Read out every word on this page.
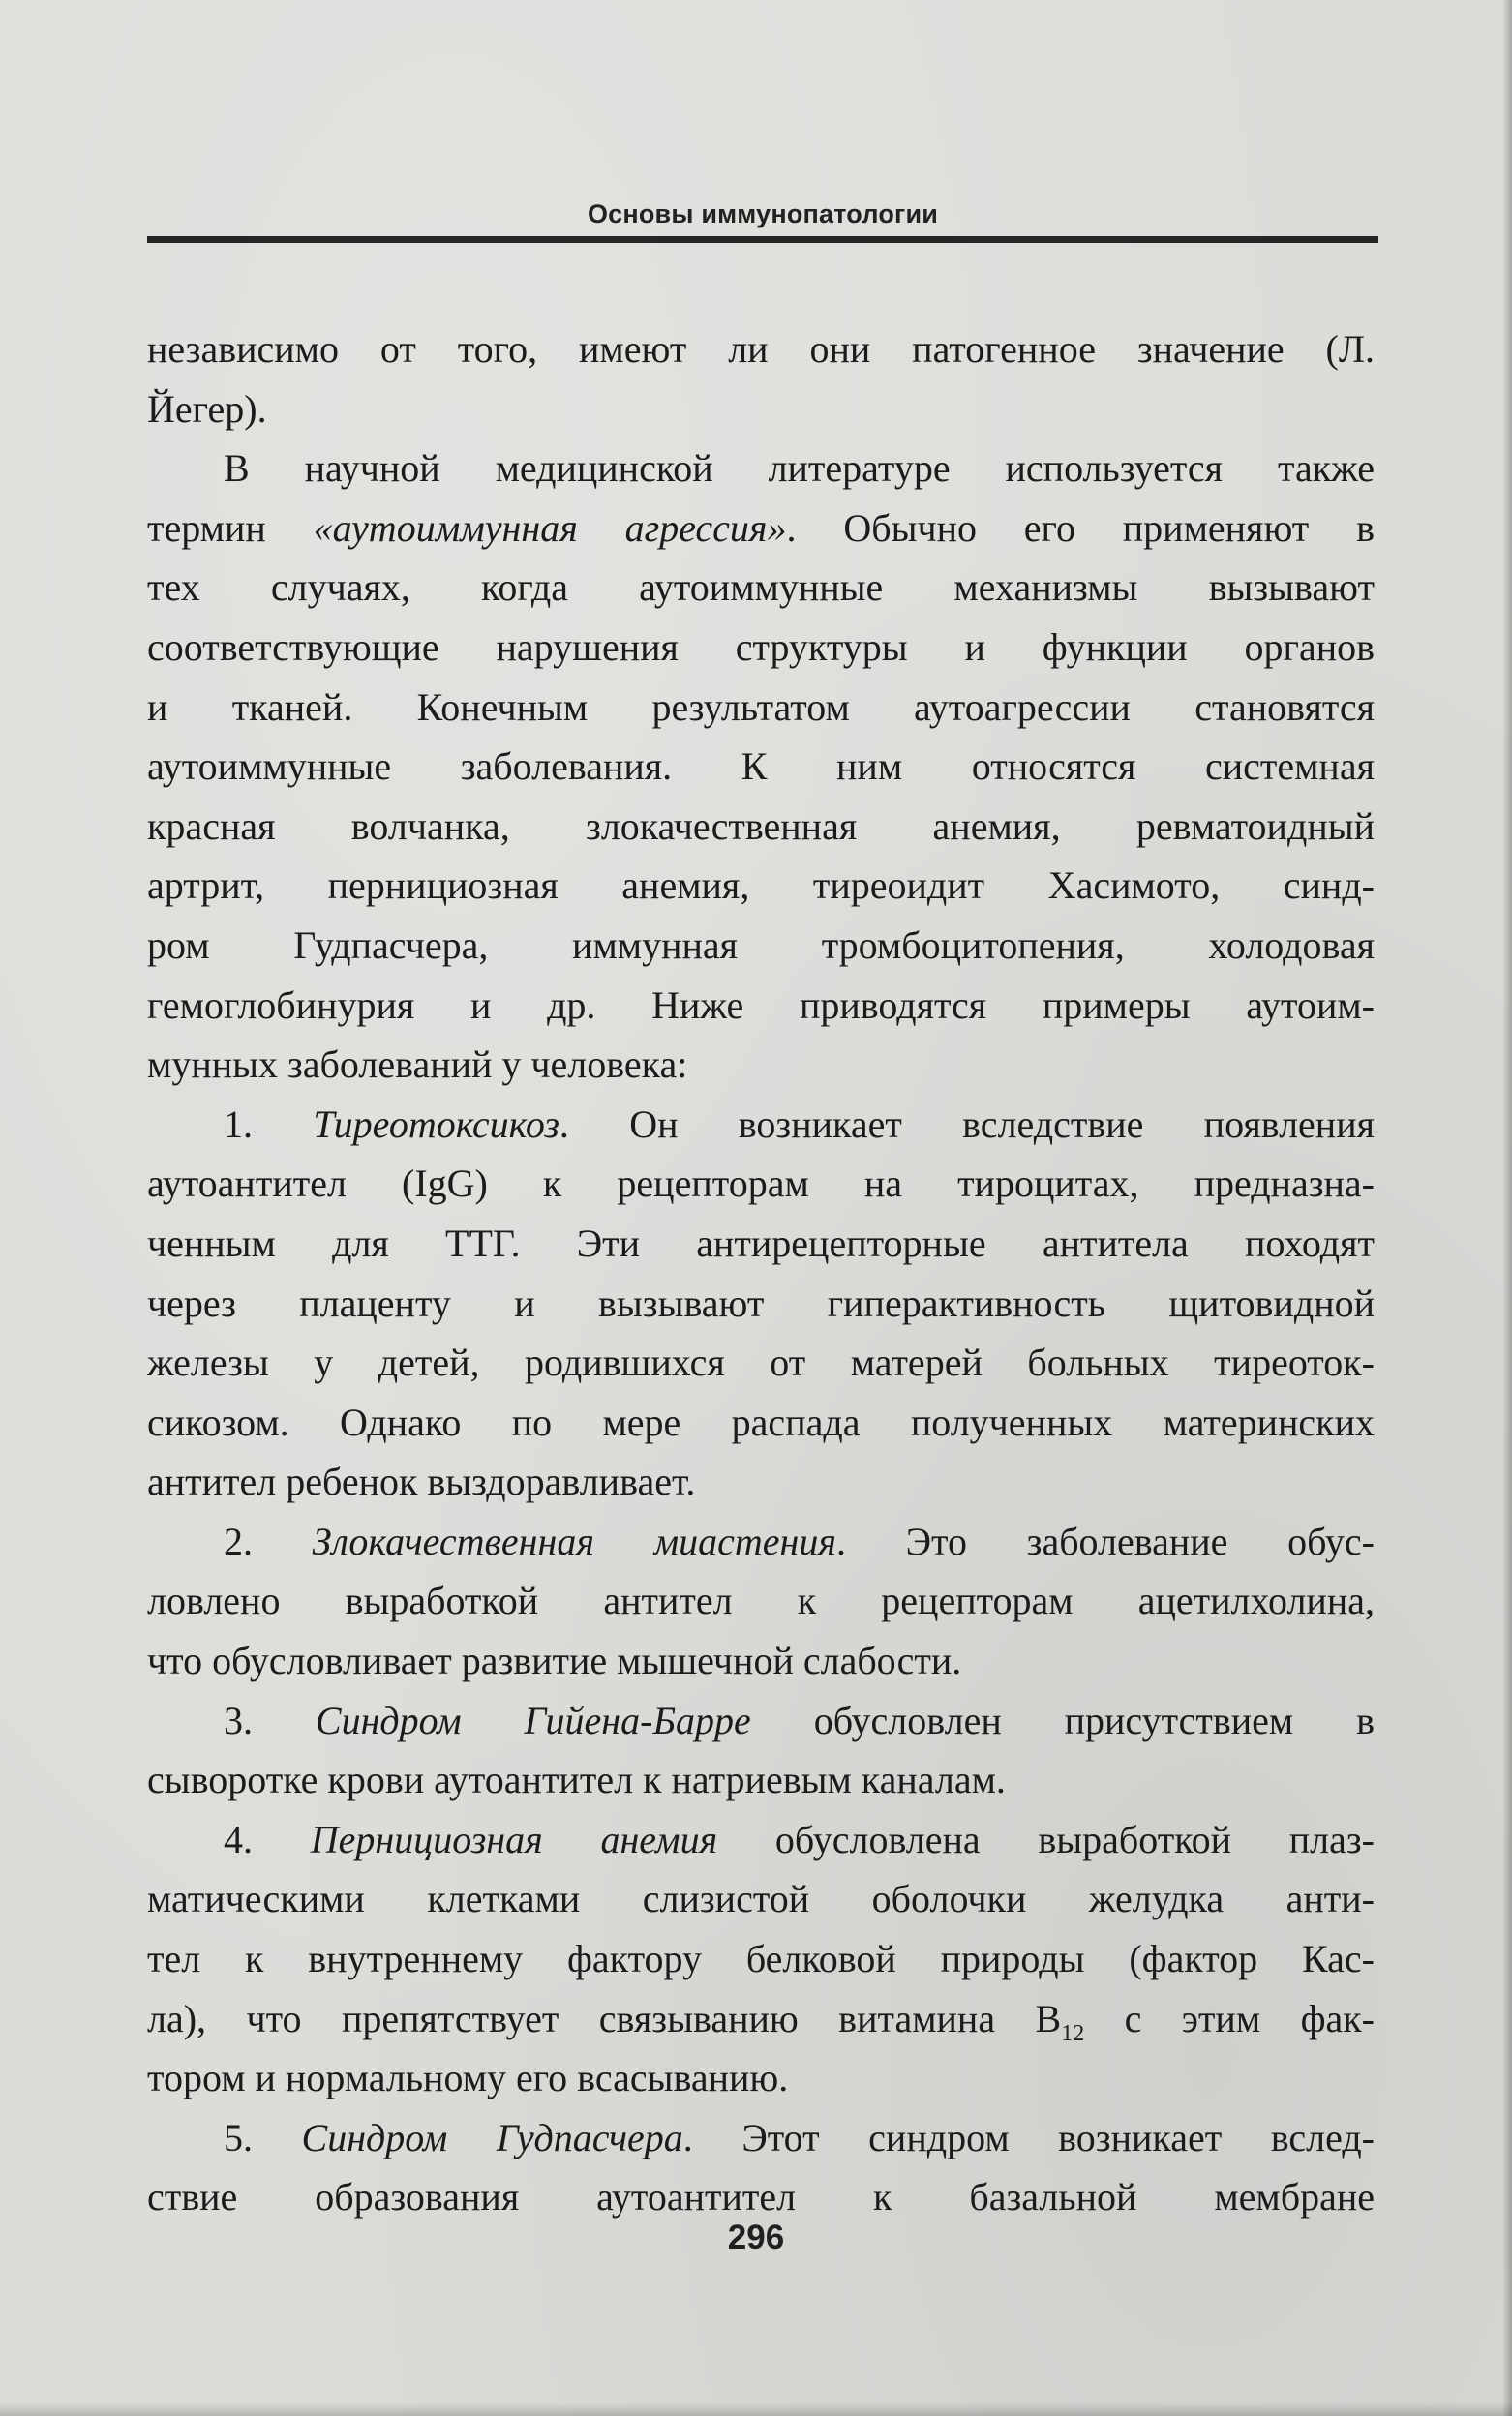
Основы иммунопатологии
независимо от того, имеют ли они патогенное значение (Л.
Йегер).
В научной медицинской литературе используется также
термин «аутоиммунная агрессия». Обычно его применяют в
тех случаях, когда аутоиммунные механизмы вызывают
соответствующие нарушения структуры и функции органов
и тканей. Конечным результатом аутоагрессии становятся
аутоиммунные заболевания. К ним относятся системная
красная волчанка, злокачественная анемия, ревматоидный
артрит, пернициозная анемия, тиреоидит Хасимото, синд-
ром Гудпасчера, иммунная тромбоцитопения, холодовая
гемоглобинурия и др. Ниже приводятся примеры аутоим-
мунных заболеваний у человека:
1. Тиреотоксикоз. Он возникает вследствие появления
аутоантител (IgG) к рецепторам на тироцитах, предназна-
ченным для ТТГ. Эти антирецепторные антитела походят
через плаценту и вызывают гиперактивность щитовидной
железы у детей, родившихся от матерей больных тиреоток-
сикозом. Однако по мере распада полученных материнских
антител ребенок выздоравливает.
2. Злокачественная миастения. Это заболевание обус-
ловлено выработкой антител к рецепторам ацетилхолина,
что обусловливает развитие мышечной слабости.
3. Синдром Гийена-Барре обусловлен присутствием в
сыворотке крови аутоантител к натриевым каналам.
4. Пернициозная анемия обусловлена выработкой плаз-
матическими клетками слизистой оболочки желудка анти-
тел к внутреннему фактору белковой природы (фактор Кас-
ла), что препятствует связыванию витамина $В_{12}$ с этим фак-
тором и нормальному его всасыванию.
5. Синдром Гудпасчера. Этот синдром возникает вслед-
ствие образования аутоантител к базальной мембране
296
